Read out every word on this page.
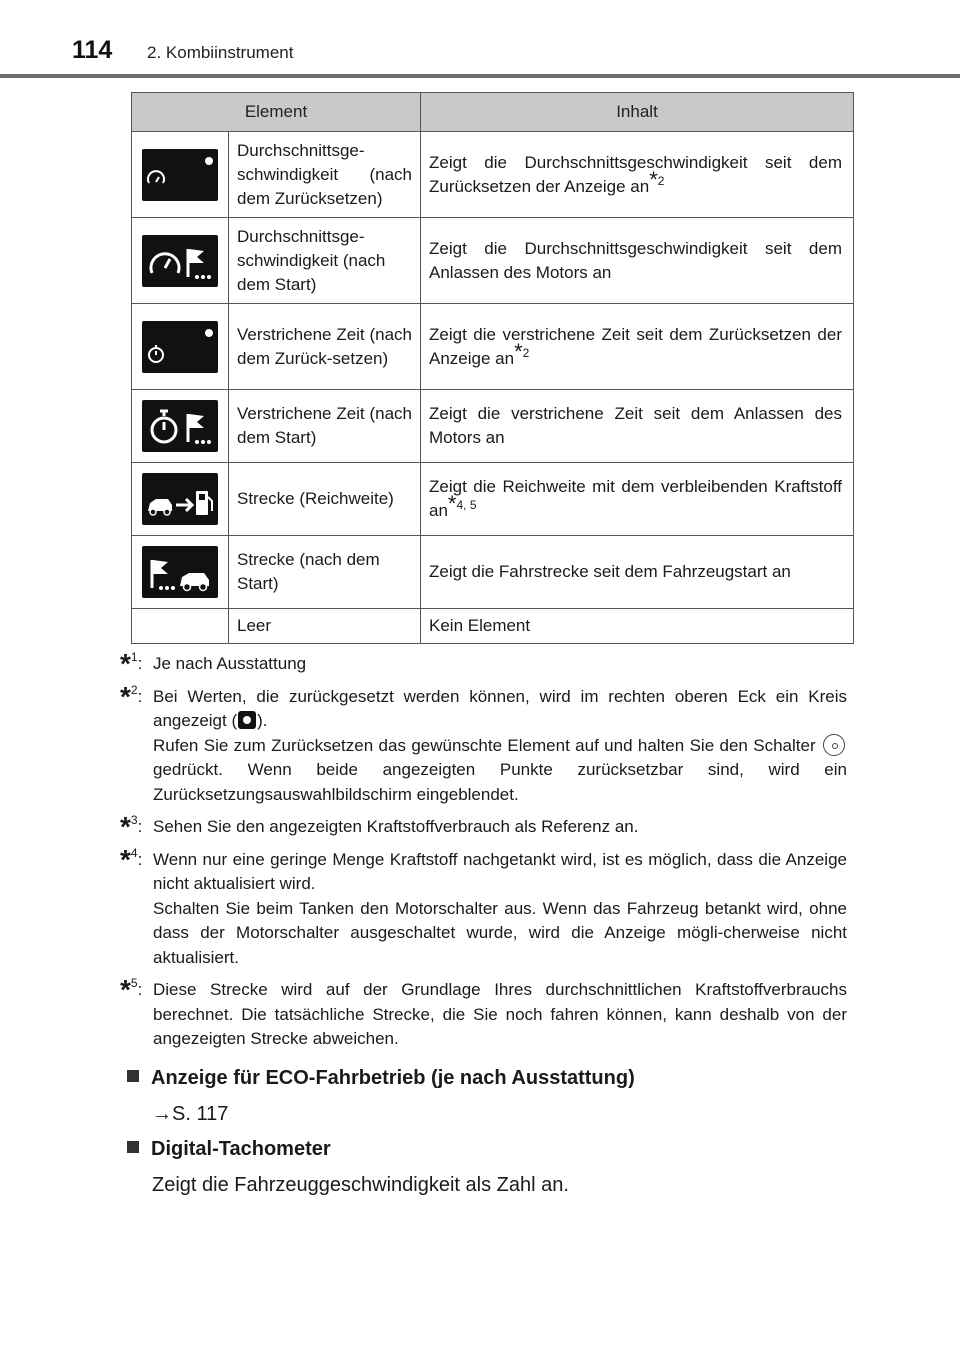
114 2. Kombiinstrument
Element		Inhalt

	Durchschnittsge-schwindigkeit (nach dem Zurücksetzen)	Zeigt die Durchschnittsgeschwindigkeit seit dem Zurücksetzen der Anzeige $an^{*2}$

	Durchschnittsge-schwindigkeit (nach dem Start)	Zeigt die Durchschnittsgeschwindigkeit seit dem Anlassen des Motors an

	Verstrichene Zeit (nach dem Zurück-setzen)	Zeigt die verstrichene Zeit seit dem Zurücksetzen der Anzeige $an^{*2}$

	Verstrichene Zeit (nach dem Start)	Zeigt die verstrichene Zeit seit dem Anlassen des Motors an

	Strecke (Reichweite)	Zeigt die Reichweite mit dem verbleibenden Kraftstoff an$^{*4, 5}$

	Strecke (nach dem Start)	Zeigt die Fahrstrecke seit dem Fahrzeugstart an
	Leer	Kein Element
*$^1$: Je nach Ausstattung

*$^2$: Bei Werten, die zurückgesetzt werden können, wird im rechten oberen Eck ein Kreis angezeigt ( ).
Rufen Sie zum Zurücksetzen das gewünschte Element auf und halten Sie den Schalter  gedrückt. Wenn beide angezeigten Punkte zurücksetzbar sind, wird ein Zurücksetzungsauswahlbildschirm eingeblendet.

*$^3$: Sehen Sie den angezeigten Kraftstoffverbrauch als Referenz an.

*$^4$: Wenn nur eine geringe Menge Kraftstoff nachgetankt wird, ist es möglich, dass die Anzeige nicht aktualisiert wird.
Schalten Sie beim Tanken den Motorschalter aus. Wenn das Fahrzeug betankt wird, ohne dass der Motorschalter ausgeschaltet wurde, wird die Anzeige mögli-cherweise nicht aktualisiert.

*$^5$: Diese Strecke wird auf der Grundlage Ihres durchschnittlichen Kraftstoffverbrauchs berechnet. Die tatsächliche Strecke, die Sie noch fahren können, kann deshalb von der angezeigten Strecke abweichen.

Anzeige für ECO-Fahrbetrieb (je nach Ausstattung)
→S. 117
Digital-Tachometer
Zeigt die Fahrzeuggeschwindigkeit als Zahl an.
